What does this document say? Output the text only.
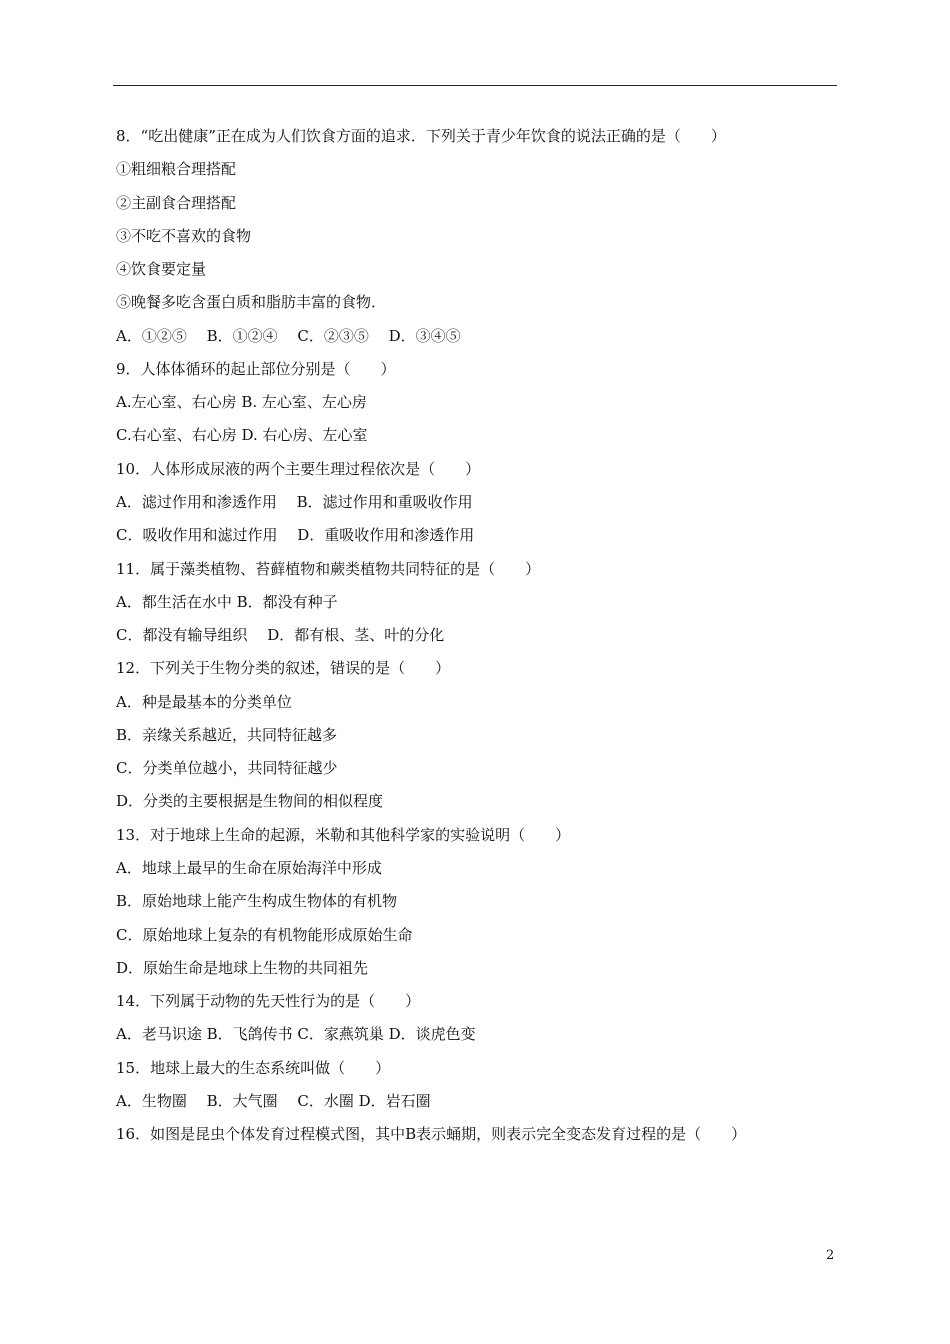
8．“吃出健康”正在成为人们饮食方面的追求．下列关于青少年饮食的说法正确的是（　　）
①粗细粮合理搭配
②主副食合理搭配
③不吃不喜欢的食物
④饮食要定量
⑤晚餐多吃含蛋白质和脂肪丰富的食物．
A．①②⑤　 B．①②④　 C．②③⑤　 D．③④⑤
9．人体体循环的起止部位分别是（　　）
A.左心室、右心房 B. 左心室、左心房
C.右心室、右心房 D. 右心房、左心室
10．人体形成尿液的两个主要生理过程依次是（　　）
A．滤过作用和渗透作用　 B．滤过作用和重吸收作用
C．吸收作用和滤过作用　 D．重吸收作用和渗透作用
11．属于藻类植物、苔藓植物和蕨类植物共同特征的是（　　）
A．都生活在水中 B．都没有种子
C．都没有输导组织　 D．都有根、茎、叶的分化
12．下列关于生物分类的叙述，错误的是（　　）
A．种是最基本的分类单位
B．亲缘关系越近，共同特征越多
C．分类单位越小，共同特征越少
D．分类的主要根据是生物间的相似程度
13．对于地球上生命的起源，米勒和其他科学家的实验说明（　　）
A．地球上最早的生命在原始海洋中形成
B．原始地球上能产生构成生物体的有机物
C．原始地球上复杂的有机物能形成原始生命
D．原始生命是地球上生物的共同祖先
14．下列属于动物的先天性行为的是（　　）
A．老马识途 B．飞鸽传书 C．家燕筑巢 D．谈虎色变
15．地球上最大的生态系统叫做（　　）
A．生物圈　 B．大气圈　 C．水圈 D．岩石圈
16．如图是昆虫个体发育过程模式图，其中B表示蛹期，则表示完全变态发育过程的是（　　）
2
